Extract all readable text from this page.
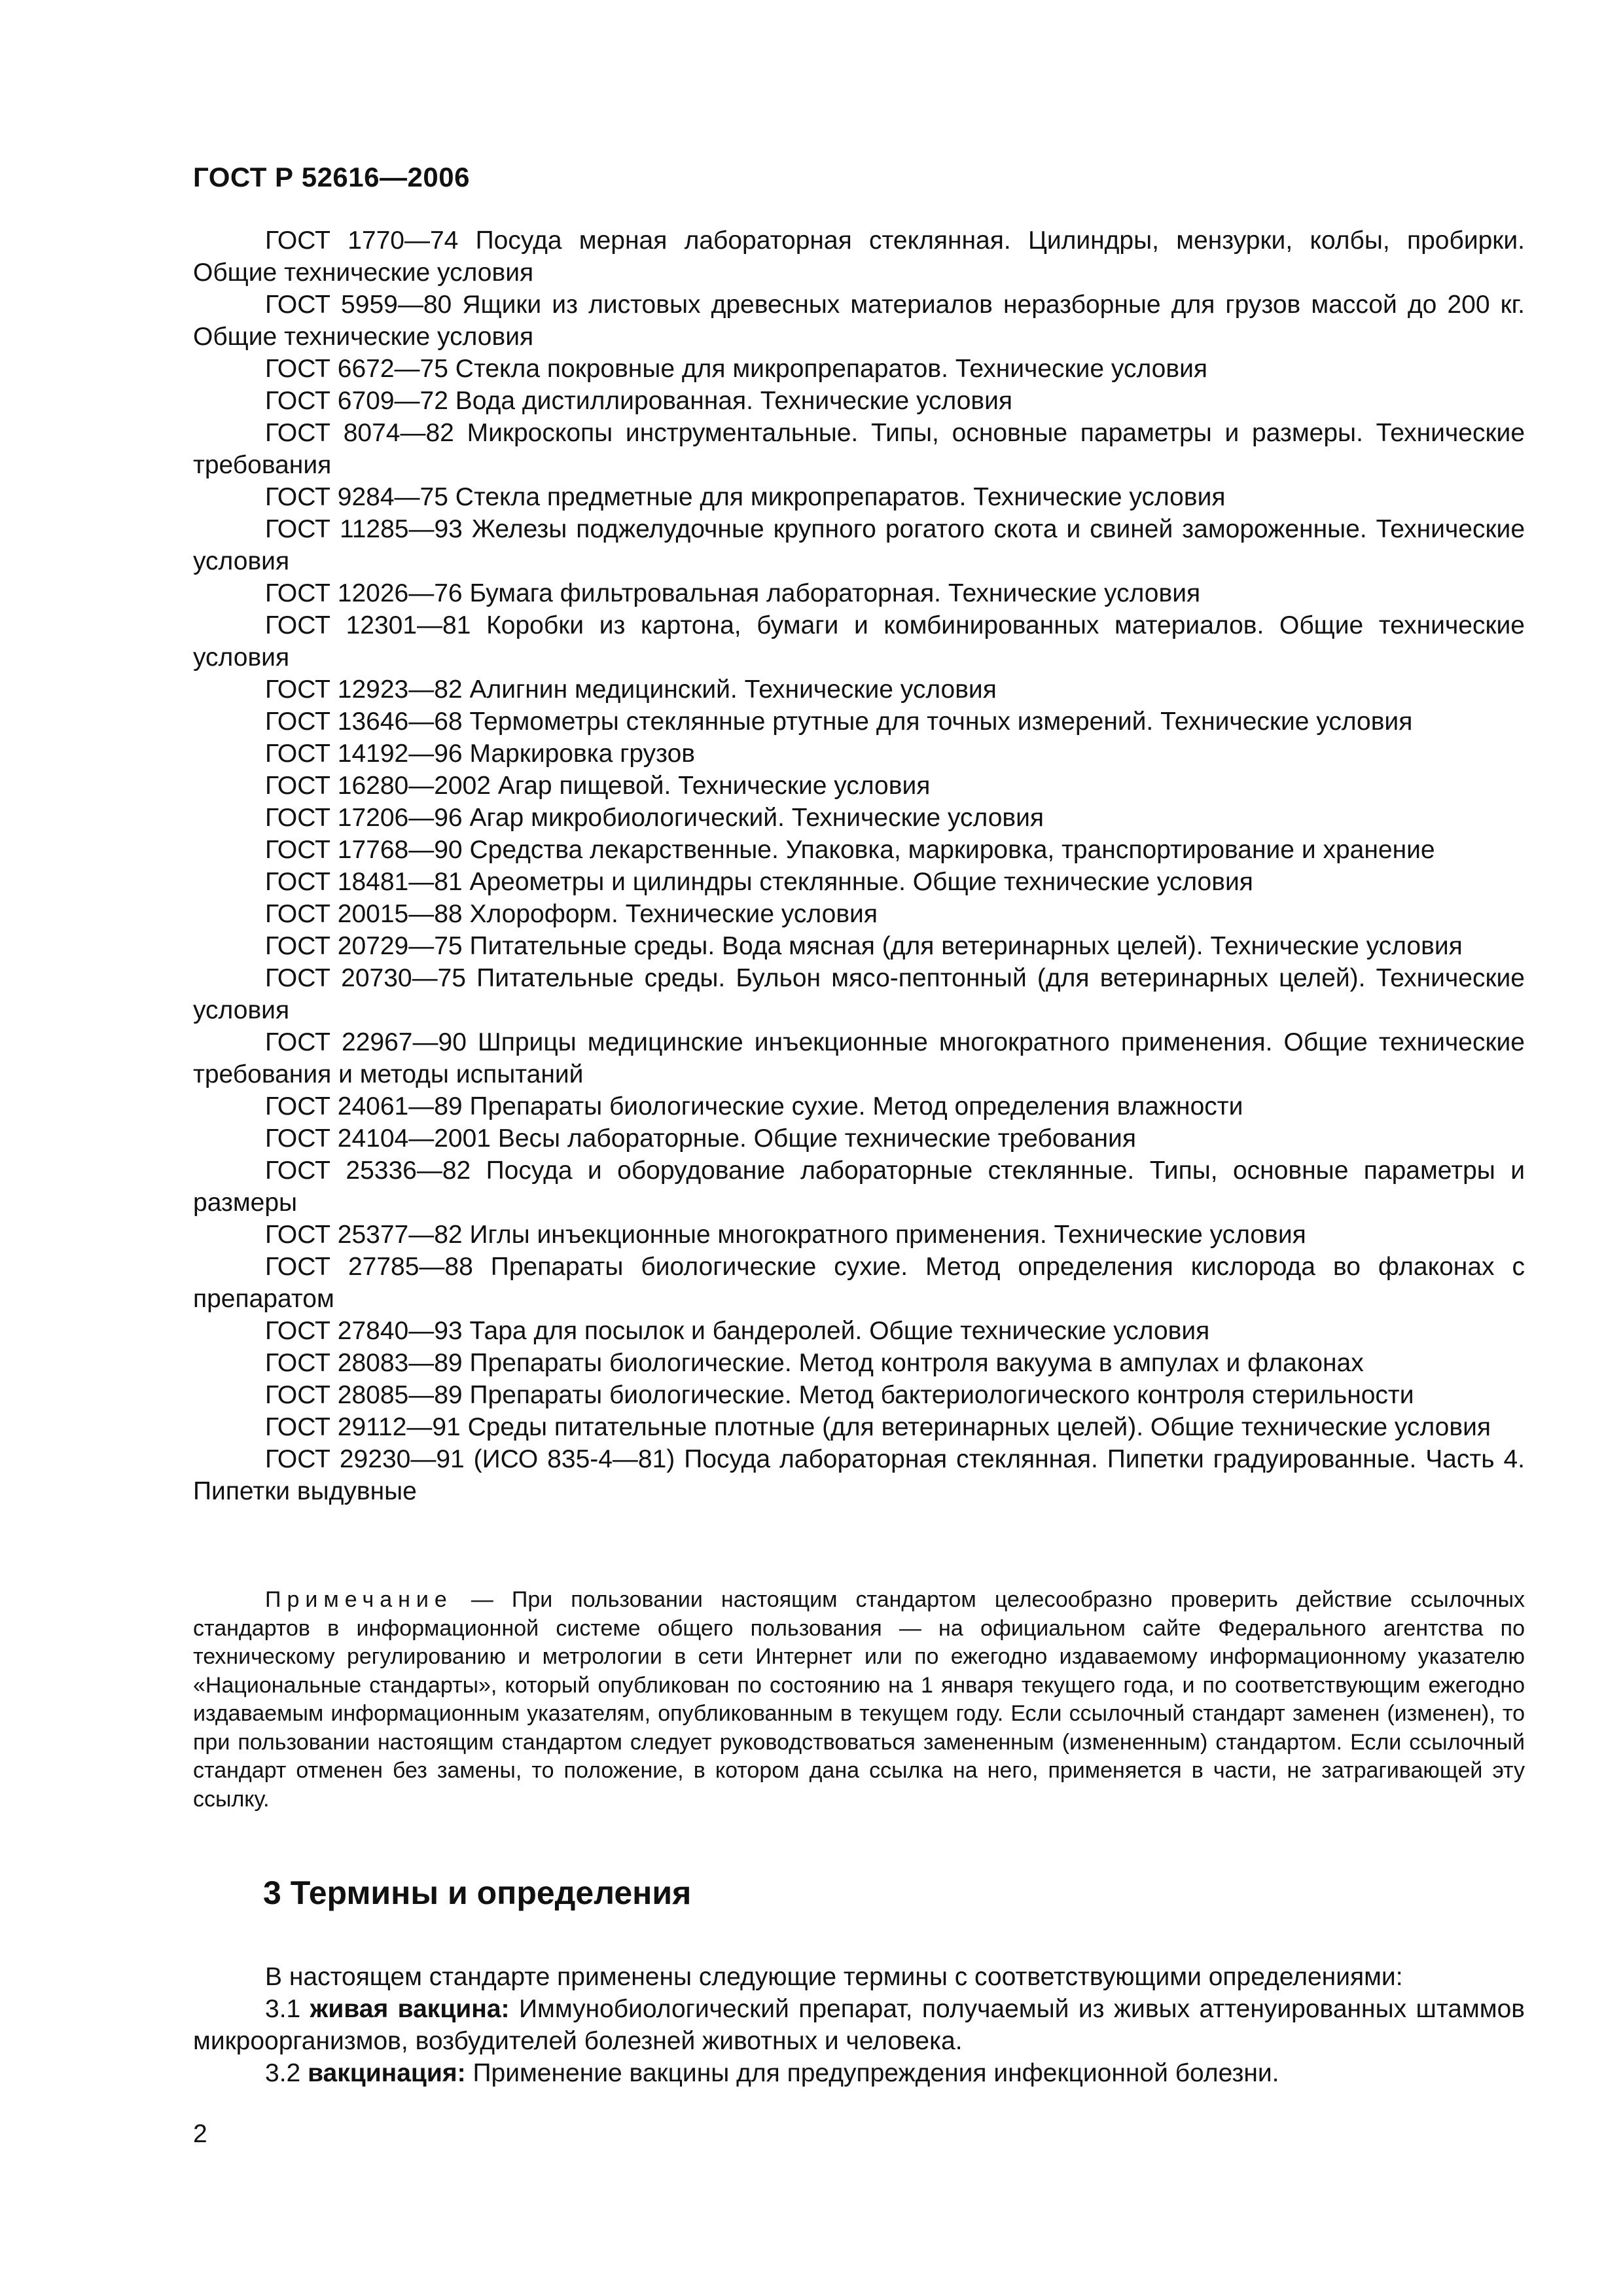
ГОСТ Р 52616—2006

ГОСТ 1770—74 Посуда мерная лабораторная стеклянная. Цилиндры, мензурки, колбы, пробирки. Общие технические условия

ГОСТ 5959—80 Ящики из листовых древесных материалов неразборные для грузов массой до 200 кг. Общие технические условия

ГОСТ 6672—75 Стекла покровные для микропрепаратов. Технические условия

ГОСТ 6709—72 Вода дистиллированная. Технические условия

ГОСТ 8074—82 Микроскопы инструментальные. Типы, основные параметры и размеры. Технические требования

ГОСТ 9284—75 Стекла предметные для микропрепаратов. Технические условия

ГОСТ 11285—93 Железы поджелудочные крупного рогатого скота и свиней замороженные. Технические условия

ГОСТ 12026—76 Бумага фильтровальная лабораторная. Технические условия

ГОСТ 12301—81 Коробки из картона, бумаги и комбинированных материалов. Общие технические условия

ГОСТ 12923—82 Алигнин медицинский. Технические условия

ГОСТ 13646—68 Термометры стеклянные ртутные для точных измерений. Технические условия

ГОСТ 14192—96 Маркировка грузов

ГОСТ 16280—2002 Агар пищевой. Технические условия

ГОСТ 17206—96 Агар микробиологический. Технические условия

ГОСТ 17768—90 Средства лекарственные. Упаковка, маркировка, транспортирование и хранение

ГОСТ 18481—81 Ареометры и цилиндры стеклянные. Общие технические условия

ГОСТ 20015—88 Хлороформ. Технические условия

ГОСТ 20729—75 Питательные среды. Вода мясная (для ветеринарных целей). Технические условия

ГОСТ 20730—75 Питательные среды. Бульон мясо-пептонный (для ветеринарных целей). Технические условия

ГОСТ 22967—90 Шприцы медицинские инъекционные многократного применения. Общие технические требования и методы испытаний

ГОСТ 24061—89 Препараты биологические сухие. Метод определения влажности

ГОСТ 24104—2001 Весы лабораторные. Общие технические требования

ГОСТ 25336—82 Посуда и оборудование лабораторные стеклянные. Типы, основные параметры и размеры

ГОСТ 25377—82 Иглы инъекционные многократного применения. Технические условия

ГОСТ 27785—88 Препараты биологические сухие. Метод определения кислорода во флаконах с препаратом

ГОСТ 27840—93 Тара для посылок и бандеролей. Общие технические условия

ГОСТ 28083—89 Препараты биологические. Метод контроля вакуума в ампулах и флаконах

ГОСТ 28085—89 Препараты биологические. Метод бактериологического контроля стерильности

ГОСТ 29112—91 Среды питательные плотные (для ветеринарных целей). Общие технические условия

ГОСТ 29230—91 (ИСО 835-4—81) Посуда лабораторная стеклянная. Пипетки градуированные. Часть 4. Пипетки выдувные

Примечание — При пользовании настоящим стандартом целесообразно проверить действие ссылочных стандартов в информационной системе общего пользования — на официальном сайте Федерального агентства по техническому регулированию и метрологии в сети Интернет или по ежегодно издаваемому информационному указателю «Национальные стандарты», который опубликован по состоянию на 1 января текущего года, и по соответствующим ежегодно издаваемым информационным указателям, опубликованным в текущем году. Если ссылочный стандарт заменен (изменен), то при пользовании настоящим стандартом следует руководствоваться замененным (измененным) стандартом. Если ссылочный стандарт отменен без замены, то положение, в котором дана ссылка на него, применяется в части, не затрагивающей эту ссылку.

3 Термины и определения

В настоящем стандарте применены следующие термины с соответствующими определениями:

3.1 живая вакцина: Иммунобиологический препарат, получаемый из живых аттенуированных штаммов микроорганизмов, возбудителей болезней животных и человека.

3.2 вакцинация: Применение вакцины для предупреждения инфекционной болезни.

2
